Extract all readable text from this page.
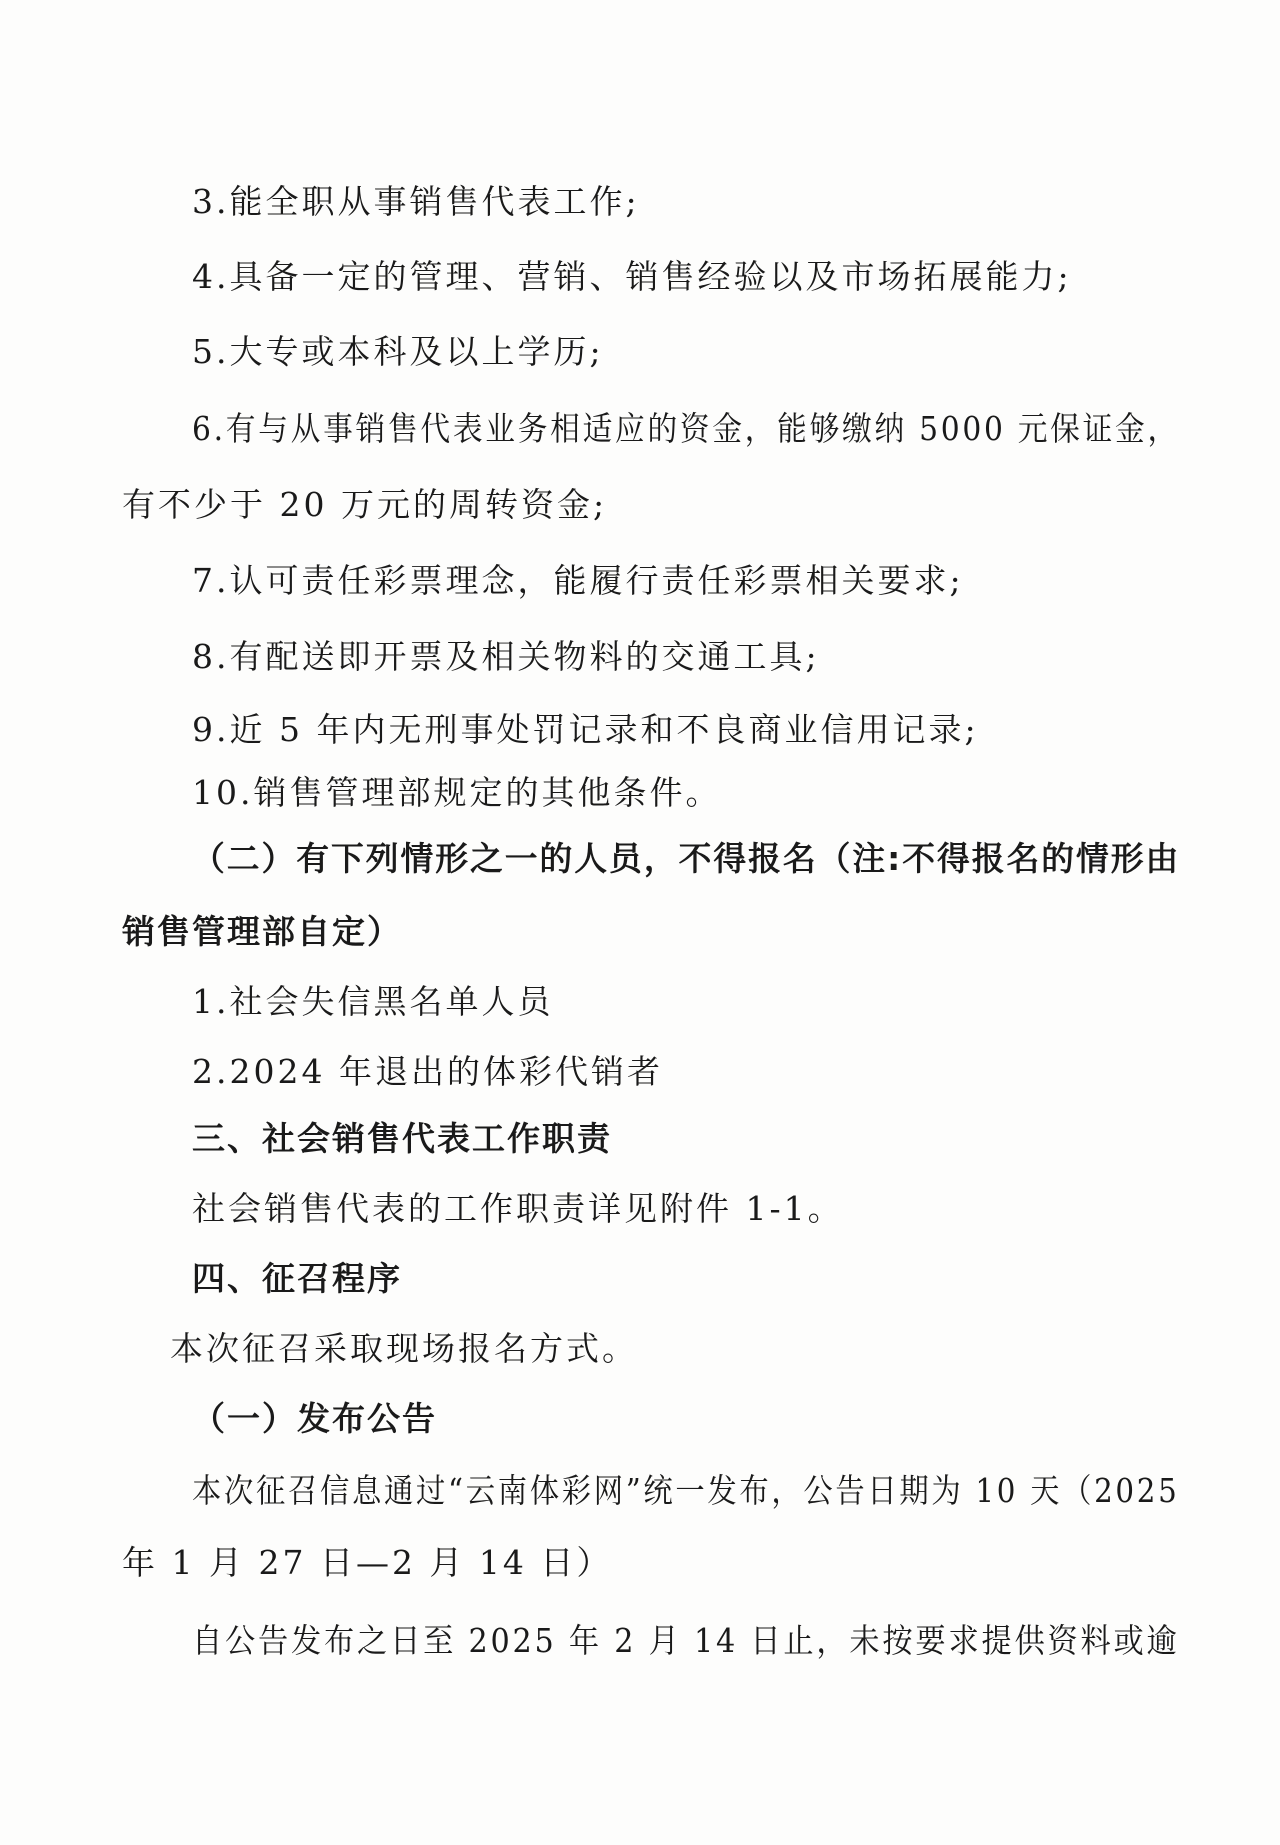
3.能全职从事销售代表工作;
4.具备一定的管理、营销、销售经验以及市场拓展能力;
5.大专或本科及以上学历;
6.有与从事销售代表业务相适应的资金，能够缴纳 5000 元保证金，
有不少于 20 万元的周转资金;
7.认可责任彩票理念，能履行责任彩票相关要求;
8.有配送即开票及相关物料的交通工具;
9.近 5 年内无刑事处罚记录和不良商业信用记录;
10.销售管理部规定的其他条件。
（二）有下列情形之一的人员，不得报名（注:不得报名的情形由
销售管理部自定）
1.社会失信黑名单人员
2.2024 年退出的体彩代销者
三、社会销售代表工作职责
社会销售代表的工作职责详见附件 1-1。
四、征召程序
本次征召采取现场报名方式。
（一）发布公告
本次征召信息通过“云南体彩网”统一发布，公告日期为 10 天（2025
年 1 月 27 日—2 月 14 日）
自公告发布之日至 2025 年 2 月 14 日止，未按要求提供资料或逾
